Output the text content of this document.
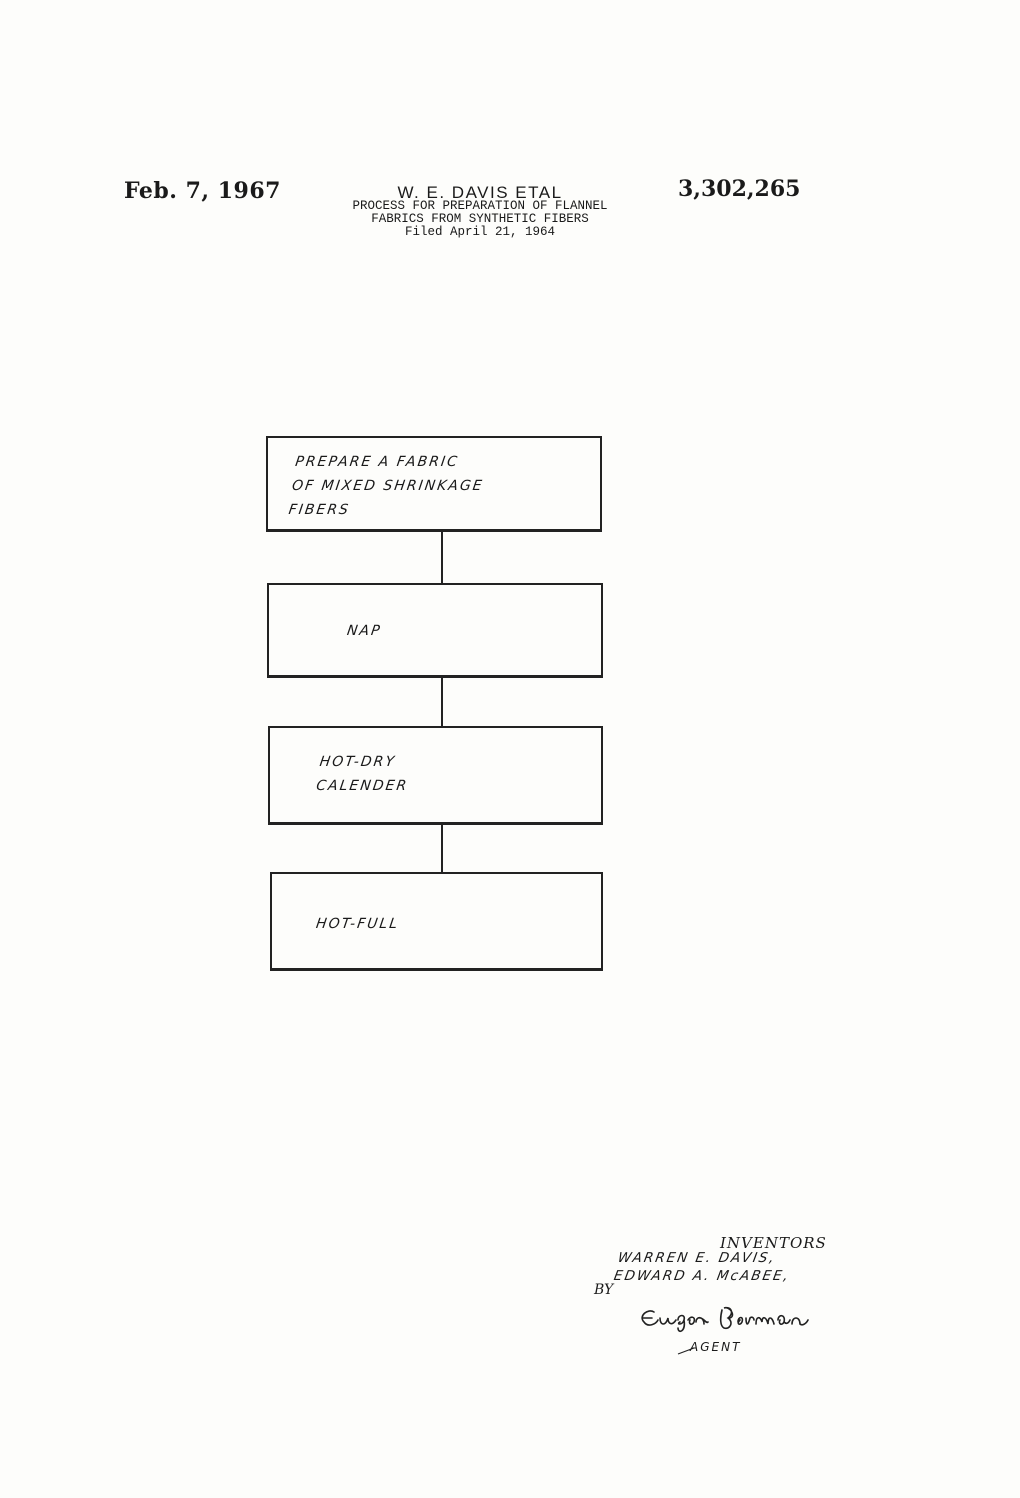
Feb. 7, 1967	W. E. DAVIS ETAL
PROCESS FOR PREPARATION OF FLANNEL
FABRICS FROM SYNTHETIC FIBERS
Filed April 21, 1964
3,302,265
PREPARE A FABRIC
OF MIXED SHRINKAGE
FIBERS
NAP
HOT-DRY
CALENDER
HOT-FULL
INVENTORS
WARREN E. DAVIS,
EDWARD A. McABEE,
BY
AGENT
